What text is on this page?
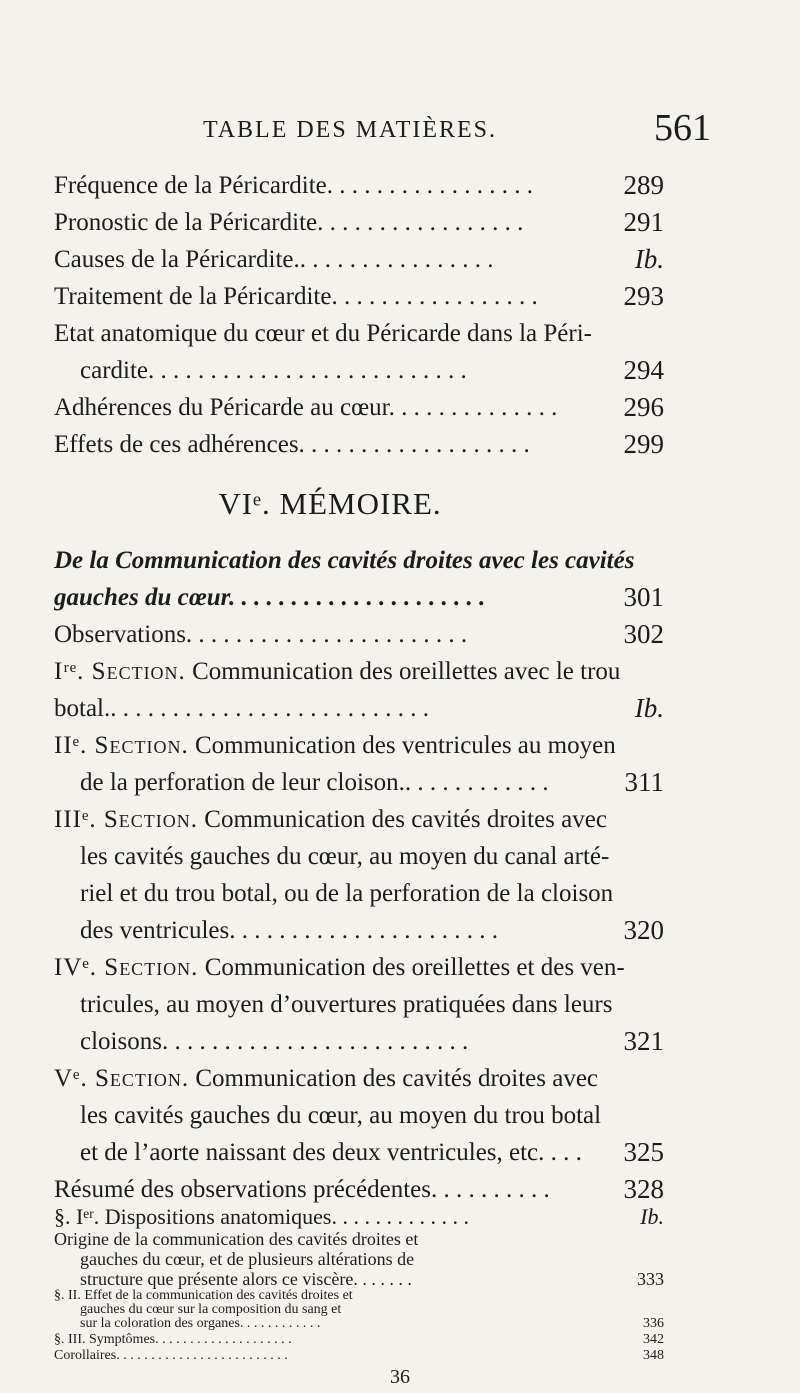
TABLE DES MATIÈRES.	561
Fréquence de la Péricardite. . . . . . . . . . . . . . . . .	289
Pronostic de la Péricardite. . . . . . . . . . . . . . . . .	291
Causes de la Péricardite.. . . . . . . . . . . . . . . .	Ib.
Traitement de la Péricardite. . . . . . . . . . . . . . . . .	293
Etat anatomique du cœur et du Péricarde dans la Péri-
cardite. . . . . . . . . . . . . . . . . . . . . . . . . .	294
Adhérences du Péricarde au cœur. . . . . . . . . . . . . .	296
Effets de ces adhérences. . . . . . . . . . . . . . . . . . .	299
VIᵉ. MÉMOIRE.
De la Communication des cavités droites avec les cavités
gauches du cœur. . . . . . . . . . . . . . . . . . . . .	301
Observations. . . . . . . . . . . . . . . . . . . . . . .	302
Iʳᵉ. Section. Communication des oreillettes avec le trou
botal.. . . . . . . . . . . . . . . . . . . . . . . . . .	Ib.
IIᵉ. Section. Communication des ventricules au moyen
de la perforation de leur cloison.. . . . . . . . . . . .	311
IIIᵉ. Section. Communication des cavités droites avec
les cavités gauches du cœur, au moyen du canal arté-
riel et du trou botal, ou de la perforation de la cloison
des ventricules. . . . . . . . . . . . . . . . . . . . . .	320
IVᵉ. Section. Communication des oreillettes et des ven-
tricules, au moyen d’ouvertures pratiquées dans leurs
cloisons. . . . . . . . . . . . . . . . . . . . . . . . .	321
Vᵉ. Section. Communication des cavités droites avec
les cavités gauches du cœur, au moyen du trou botal
et de l’aorte naissant des deux ventricules, etc. . . .	325
Résumé des observations précédentes. . . . . . . . . .	328
§. Iᵉʳ. Dispositions anatomiques. . . . . . . . . . . . .	Ib.
Origine de la communication des cavités droites et
gauches du cœur, et de plusieurs altérations de
structure que présente alors ce viscère. . . . . . .	333
§. II. Effet de la communication des cavités droites et
gauches du cœur sur la composition du sang et
sur la coloration des organes. . . . . . . . . . . .	336
§. III. Symptômes. . . . . . . . . . . . . . . . . . . .	342
Corollaires. . . . . . . . . . . . . . . . . . . . . . . . .	348
36
